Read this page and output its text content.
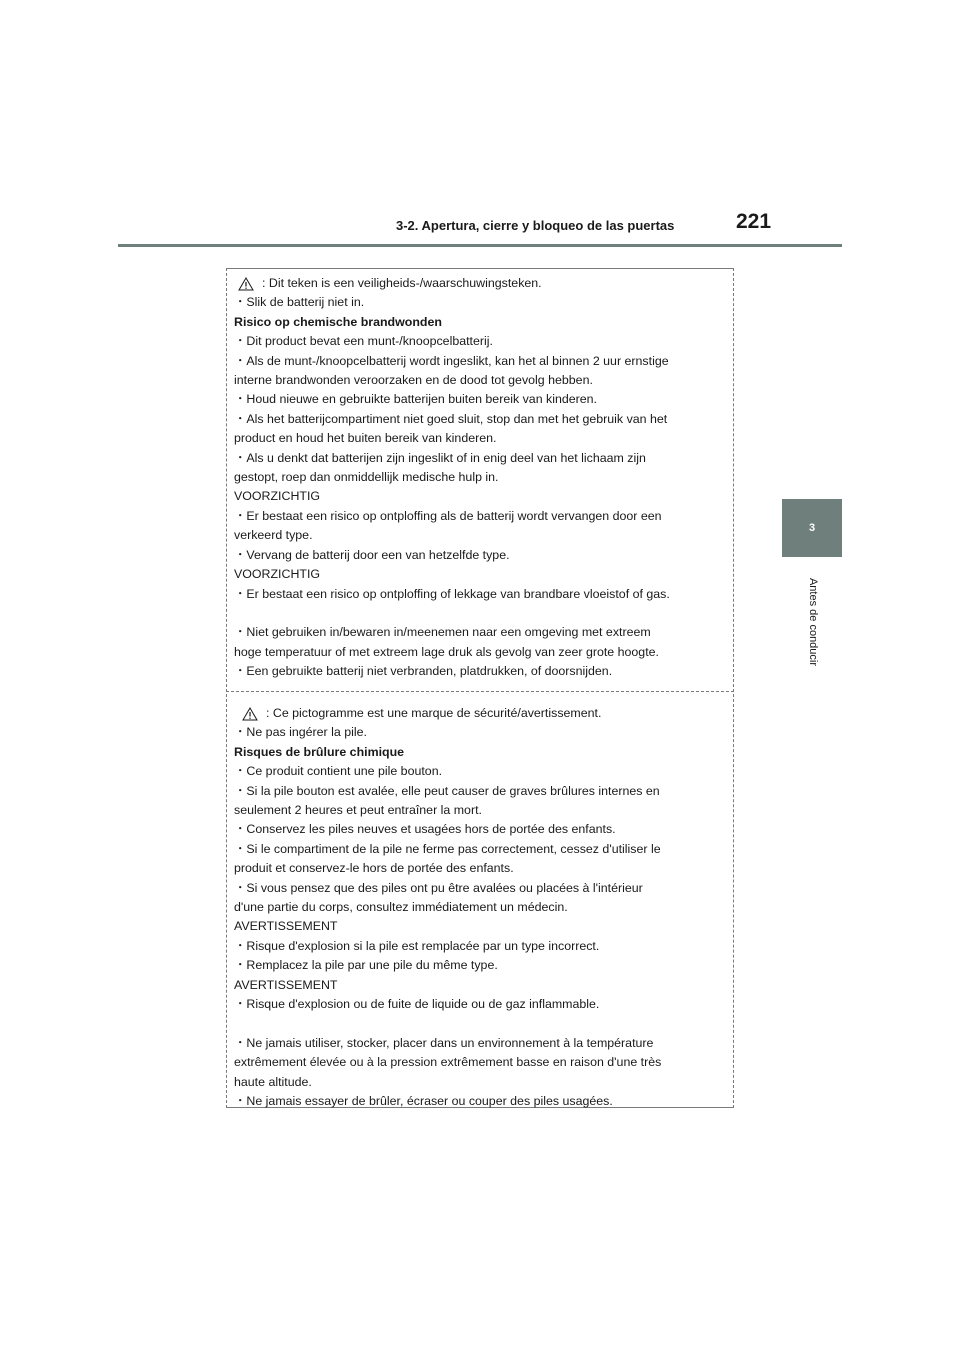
3-2. Apertura, cierre y bloqueo de las puertas	221
3
Antes de conducir
: Dit teken is een veiligheids-/waarschuwingsteken.
・Slik de batterij niet in.
Risico op chemische brandwonden
・Dit product bevat een munt-/knoopcelbatterij.
・Als de munt-/knoopcelbatterij wordt ingeslikt, kan het al binnen 2 uur ernstige
interne brandwonden veroorzaken en de dood tot gevolg hebben.
・Houd nieuwe en gebruikte batterijen buiten bereik van kinderen.
・Als het batterijcompartiment niet goed sluit, stop dan met het gebruik van het
product en houd het buiten bereik van kinderen.
・Als u denkt dat batterijen zijn ingeslikt of in enig deel van het lichaam zijn
gestopt, roep dan onmiddellijk medische hulp in.
VOORZICHTIG
・Er bestaat een risico op ontploffing als de batterij wordt vervangen door een
verkeerd type.
・Vervang de batterij door een van hetzelfde type.
VOORZICHTIG
・Er bestaat een risico op ontploffing of lekkage van brandbare vloeistof of gas.
・Niet gebruiken in/bewaren in/meenemen naar een omgeving met extreem
hoge temperatuur of met extreem lage druk als gevolg van zeer grote hoogte.
・Een gebruikte batterij niet verbranden, platdrukken, of doorsnijden.
: Ce pictogramme est une marque de sécurité/avertissement.
・Ne pas ingérer la pile.
Risques de brûlure chimique
・Ce produit contient une pile bouton.
・Si la pile bouton est avalée, elle peut causer de graves brûlures internes en
seulement 2 heures et peut entraîner la mort.
・Conservez les piles neuves et usagées hors de portée des enfants.
・Si le compartiment de la pile ne ferme pas correctement, cessez d'utiliser le
produit et conservez-le hors de portée des enfants.
・Si vous pensez que des piles ont pu être avalées ou placées à l'intérieur
d'une partie du corps, consultez immédiatement un médecin.
AVERTISSEMENT
・Risque d'explosion si la pile est remplacée par un type incorrect.
・Remplacez la pile par une pile du même type.
AVERTISSEMENT
・Risque d'explosion ou de fuite de liquide ou de gaz inflammable.
・Ne jamais utiliser, stocker, placer dans un environnement à la température
extrêmement élevée ou à la pression extrêmement basse en raison d'une très
haute altitude.
・Ne jamais essayer de brûler, écraser ou couper des piles usagées.
